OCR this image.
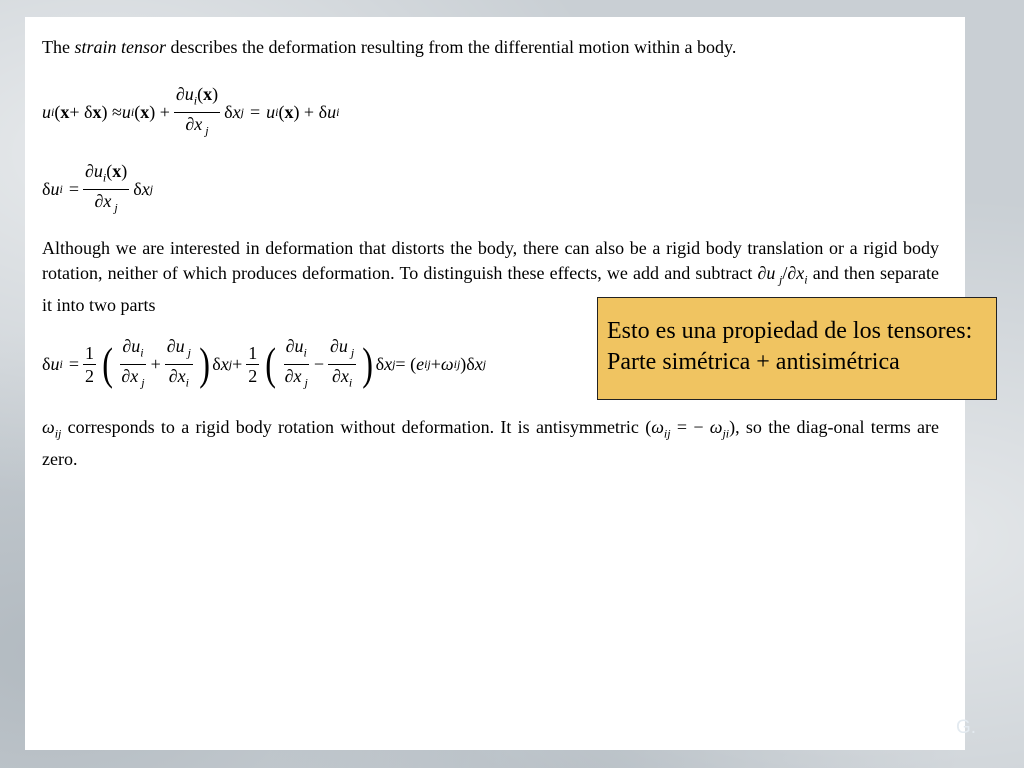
The strain tensor describes the deformation resulting from the differential motion within a body.

u i ( x + δ x ) ≈ u i ( x ) + $\frac{\partial u_i(x)}{\partial x _j}$ δ x j = u i ( x ) + δ u i
δ u $i = \frac{\partial u_i(x)}{\partial x _j}$ δ x j

Although we are interested in deformation that distorts the body, there can also be a rigid body translation or a rigid body rotation, neither of which produces deformation. To distinguish these effects, we add and subtract ∂u $_j/\partial x_i$ and then separate it into two parts

δ u $i = \frac{1}{2}$ ( $\frac{\partial u_i}{\partial x _j} + \frac{\partial u _j}{\partial x_i}$ ) δ x $j + \frac{1}{2}$ ( $\frac{\partial u_i}{\partial x _j} - \frac{\partial u _j}{\partial x_i}$ ) δ x j = ( e ij + ω ij )δ x j

$\omega_{ij}$ corresponds to a rigid body rotation without deformation. It is antisymmetric ($\omega_{ij}$ = − $\omega_{ji}$), so the diag-onal terms are zero.

Esto es una propiedad de los tensores:
Parte simétrica + antisimétrica
G.
